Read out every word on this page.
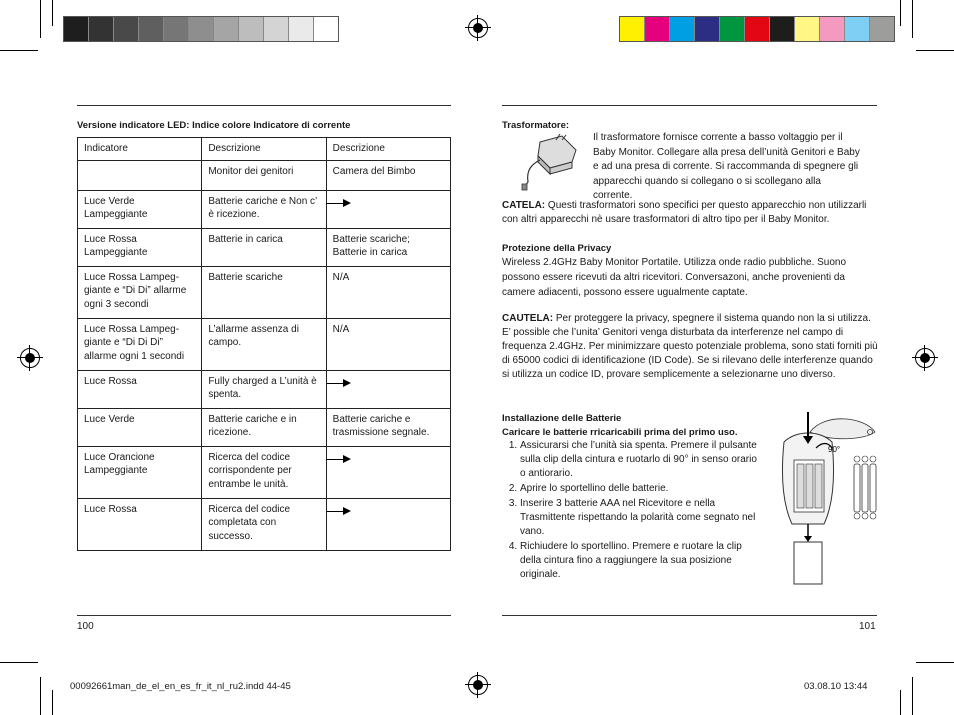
Versione indicatore LED: Indice colore Indicatore di corrente
Indicatore	Descrizione	Descrizione
	Monitor dei genitori	Camera del Bimbo
Luce Verde Lampeggiante	Batterie cariche e Non c’ è ricezione.	
Luce Rossa Lampeggiante	Batterie in carica	Batterie scariche; Batterie in carica
Luce Rossa Lampeg-giante e “Di Di” allarme ogni 3 secondi	Batterie scariche	N/A
Luce Rossa Lampeg-giante e “Di Di Di” allarme ogni 1 secondi	L’allarme assenza di campo.	N/A
Luce Rossa	Fully charged a L’unità è spenta.	
Luce Verde	Batterie cariche e in ricezione.	Batterie cariche e trasmissione segnale.
Luce Orancione Lampeggiante	Ricerca del codice corrispondente per entrambe le unità.	
Luce Rossa	Ricerca del codice completata con successo.	
100
Trasformatore:
Il trasformatore fornisce corrente a basso voltaggio per il Baby Monitor. Collegare alla presa dell’unità Genitori e Baby e ad una presa di corrente. Si raccommanda di spegnere gli apparecchi quando si collegano o si scollegano alla corrente.
CATELA: Questi trasformatori sono specifici per questo apparecchio non utilizzarli con altri apparecchi nè usare trasformatori di altro tipo per il Baby Monitor.
Protezione della Privacy
Wireless 2.4GHz Baby Monitor Portatile. Utilizza onde radio pubbliche. Suono possono essere ricevuti da altri ricevitori. Conversazoni, anche provenienti da camere adiacenti, possono essere ugualmente captate.
CAUTELA: Per proteggere la privacy, spegnere il sistema quando non la si utilizza. E’ possible che l’unita’ Genitori venga disturbata da interferenze nel campo di frequenza 2.4GHz. Per minimizzare questo potenziale problema, sono stati forniti più di 65000 codici di identificazione (ID Code). Se si rilevano delle interferenze quando si utilizza un codice ID, provare semplicemente a selezionarne uno diverso.
Installazione delle Batterie
Caricare le batterie rricaricabili prima del primo uso.
1. Assicurarsi che l’unità sia spenta. Premere il pulsante sulla clip della cintura e ruotarlo di 90° in senso orario o antiorario.
2. Aprire lo sportellino delle batterie.
3. Inserire 3 batterie AAA nel Ricevitore e nella Trasmittente rispettando la polarità come segnato nel vano.
4. Richiudere lo sportellino. Premere e ruotare la clip della cintura fino a raggiungere la sua posizione originale.
90°
101
00092661man_de_el_en_es_fr_it_nl_ru2.indd 44-45	03.08.10 13:44
